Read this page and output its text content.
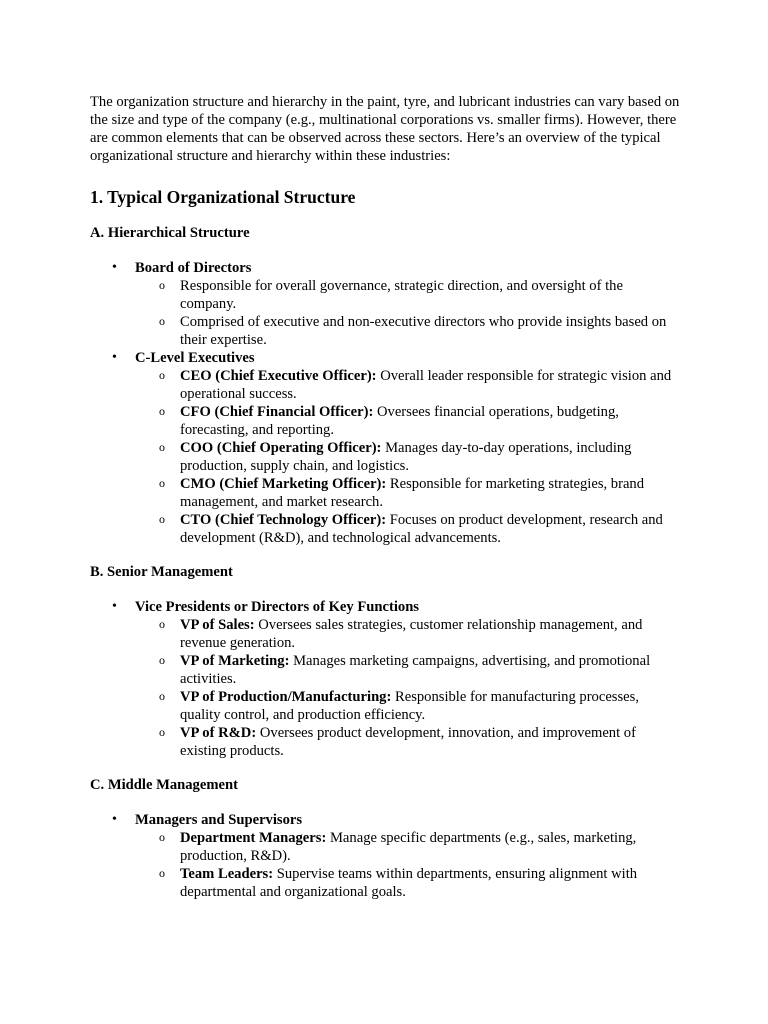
The organization structure and hierarchy in the paint, tyre, and lubricant industries can vary based on the size and type of the company (e.g., multinational corporations vs. smaller firms). However, there are common elements that can be observed across these sectors. Here’s an overview of the typical organizational structure and hierarchy within these industries:

1. Typical Organizational Structure
A. Hierarchical Structure
• Board of Directors
o Responsible for overall governance, strategic direction, and oversight of the company.
o Comprised of executive and non-executive directors who provide insights based on their expertise.
• C-Level Executives
o CEO (Chief Executive Officer): Overall leader responsible for strategic vision and operational success.
o CFO (Chief Financial Officer): Oversees financial operations, budgeting, forecasting, and reporting.
o COO (Chief Operating Officer): Manages day-to-day operations, including production, supply chain, and logistics.
o CMO (Chief Marketing Officer): Responsible for marketing strategies, brand management, and market research.
o CTO (Chief Technology Officer): Focuses on product development, research and development (R&D), and technological advancements.
B. Senior Management
• Vice Presidents or Directors of Key Functions
o VP of Sales: Oversees sales strategies, customer relationship management, and revenue generation.
o VP of Marketing: Manages marketing campaigns, advertising, and promotional activities.
o VP of Production/Manufacturing: Responsible for manufacturing processes, quality control, and production efficiency.
o VP of R&D: Oversees product development, innovation, and improvement of existing products.
C. Middle Management
• Managers and Supervisors
o Department Managers: Manage specific departments (e.g., sales, marketing, production, R&D).
o Team Leaders: Supervise teams within departments, ensuring alignment with departmental and organizational goals.
